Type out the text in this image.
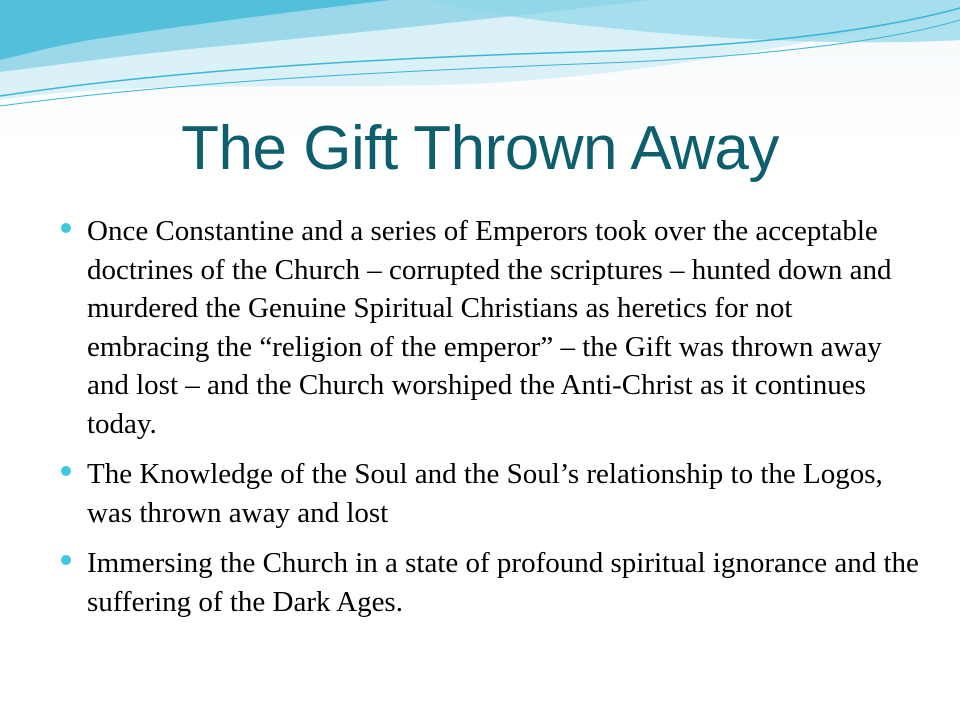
The Gift Thrown Away
Once Constantine and a series of Emperors took over the acceptable doctrines of the Church – corrupted the scriptures – hunted down and murdered the Genuine Spiritual Christians as heretics for not embracing the “religion of the emperor” – the Gift was thrown away and lost – and the Church worshiped the Anti-Christ as it continues today.
The Knowledge of the Soul and the Soul’s relationship to the Logos, was thrown away and lost
Immersing the Church in a state of profound spiritual ignorance and the suffering of the Dark Ages.
